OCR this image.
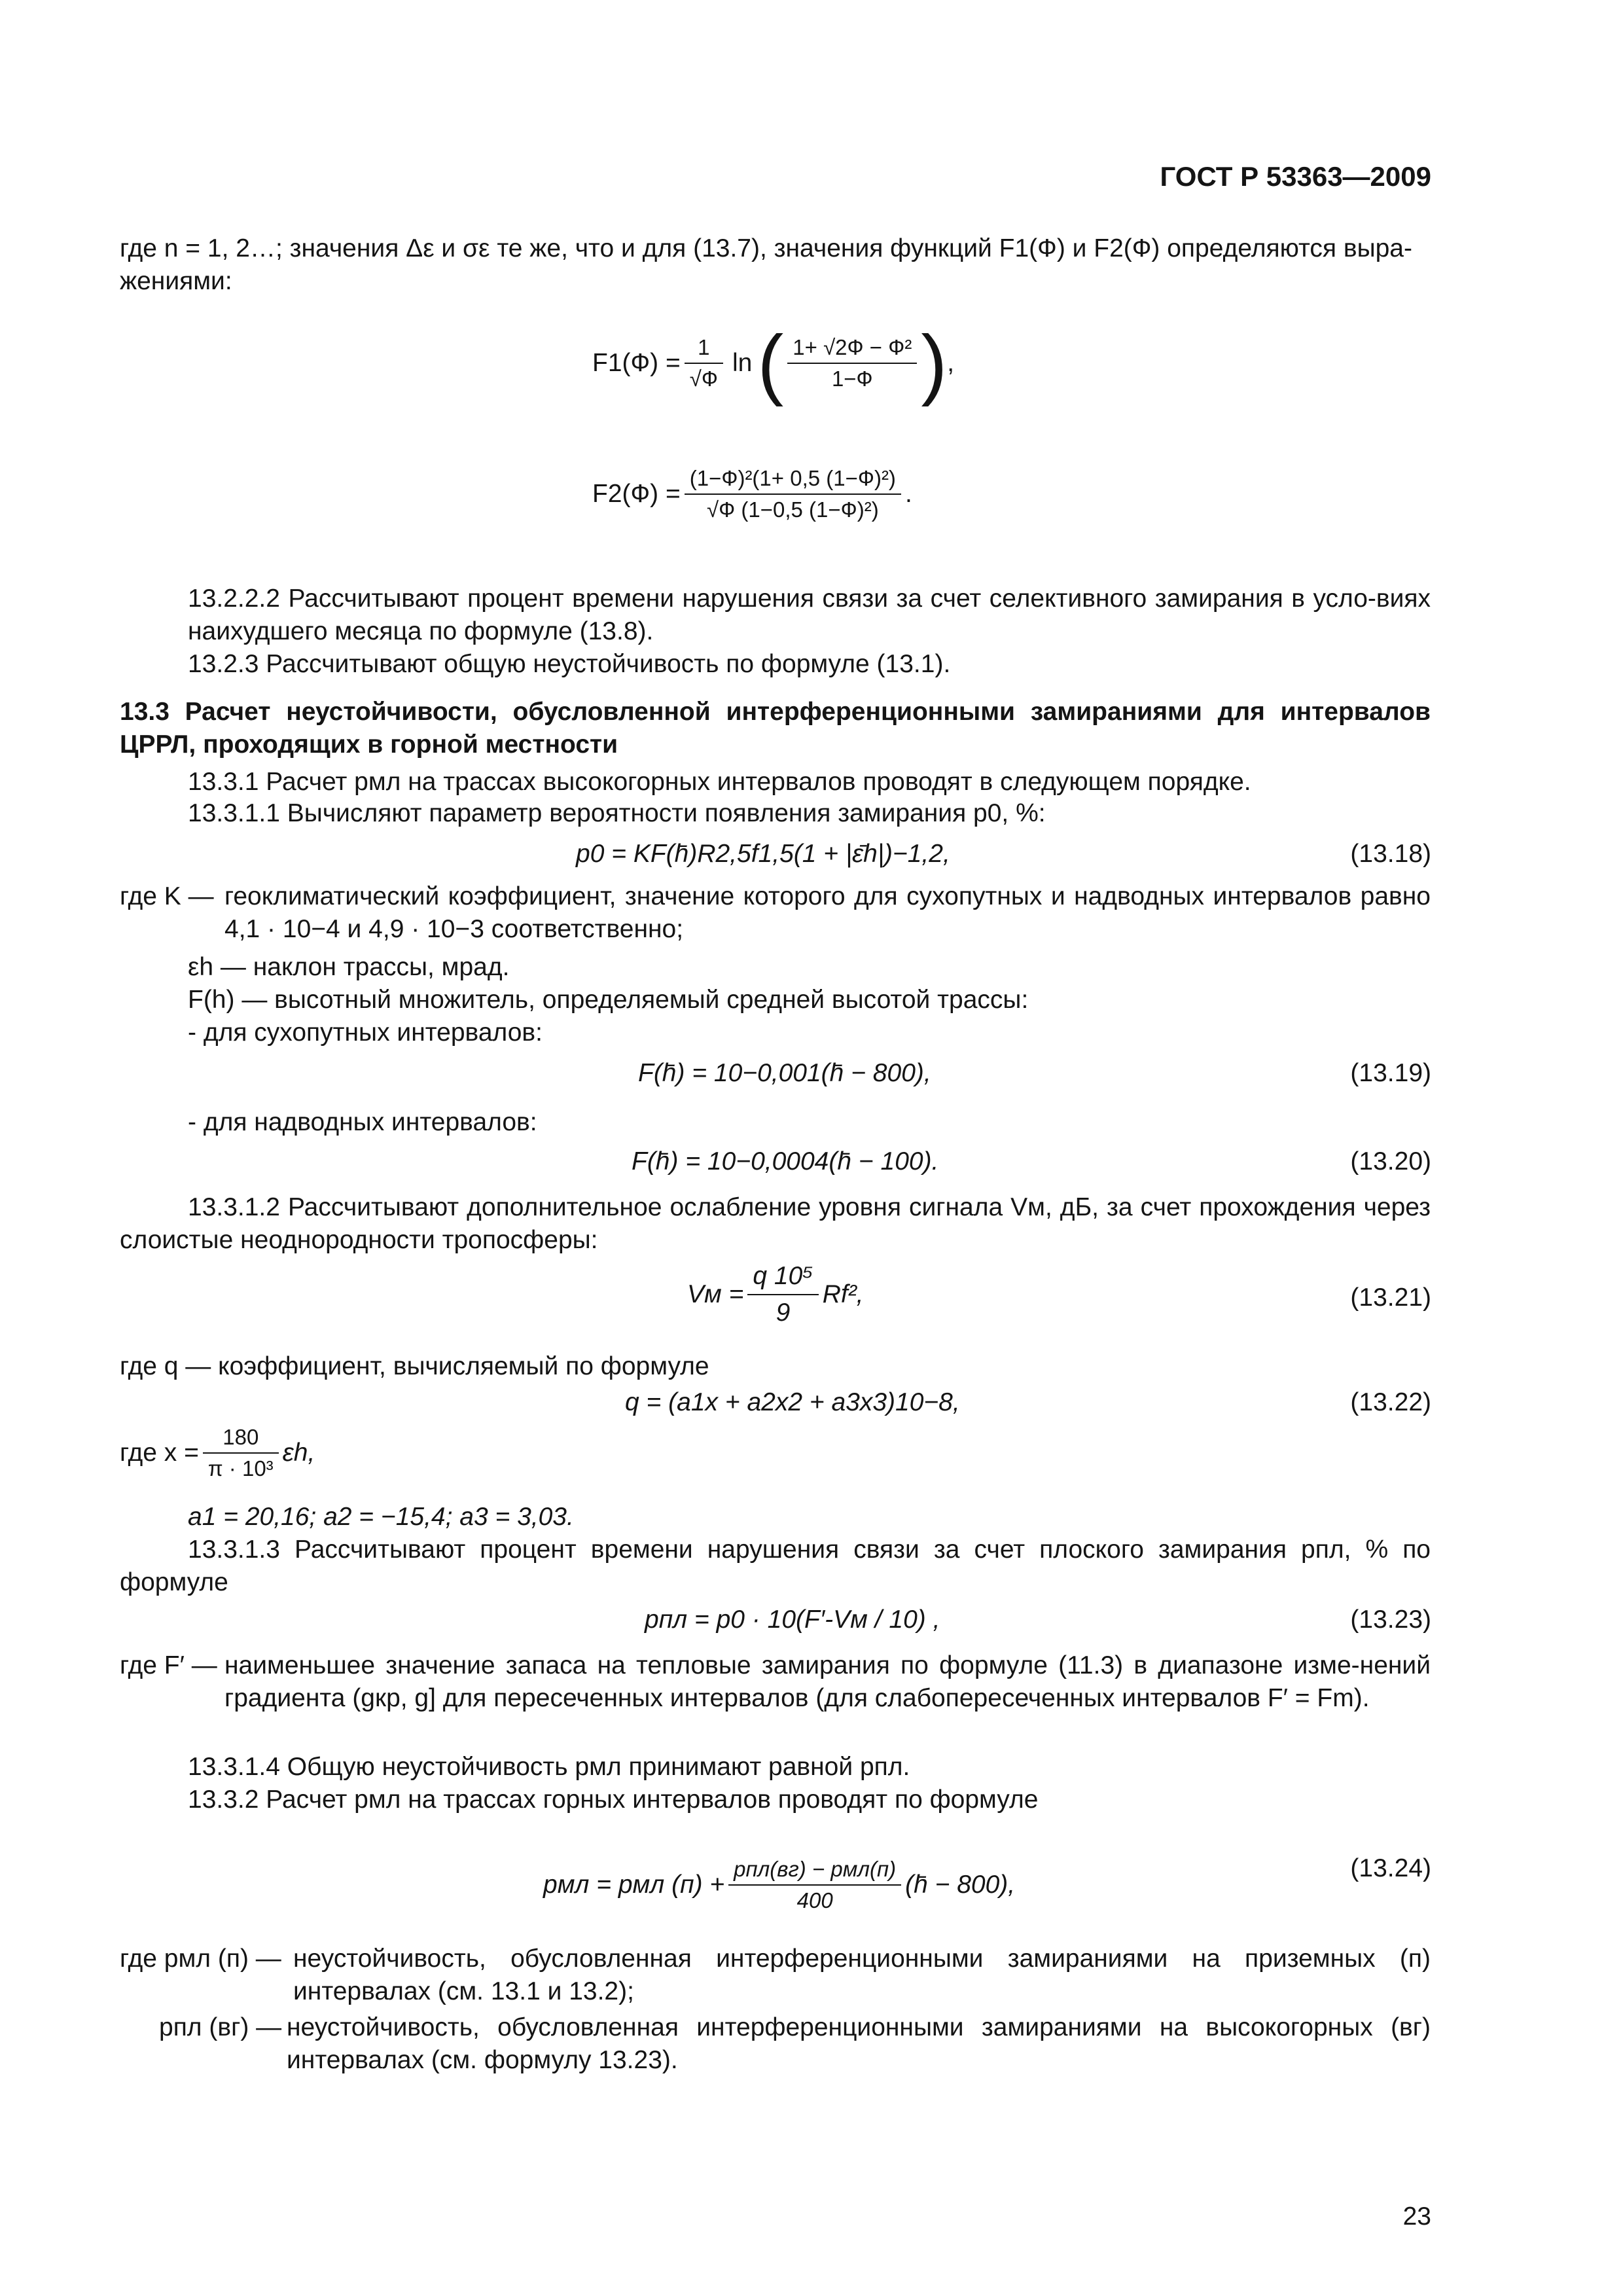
ГОСТ Р 53363—2009
где n = 1, 2…; значения Δε и σε те же, что и для (13.7), значения функций F1(Ф) и F2(Ф) определяются выра-
жениями:
$F1(Ф) = \frac{1}{√Ф}$ ln ( $\frac{\text{1+ √2Ф − Ф²}}{1-Ф}$ ) ,
$F2(Ф) = \frac{\text{(1−Ф)²(1+ 0,5 (1−Ф)²)}}{\text{√Ф (1−0,5 (1−Ф)²)}}$ .
13.2.2.2 Рассчитывают процент времени нарушения связи за счет селективного замирания в усло-виях наихудшего месяца по формуле (13.8).
13.2.3 Рассчитывают общую неустойчивость по формуле (13.1).
13.3 Расчет неустойчивости, обусловленной интерференционными замираниями для интервалов ЦРРЛ, проходящих в горной местности
13.3.1 Расчет pмл на трассах высокогорных интервалов проводят в следующем порядке.
13.3.1.1 Вычисляют параметр вероятности появления замирания p0, %:
p0 = KF(h̄)R2,5f1,5(1 + |ε̄h|)−1,2,	(13.18)
где K — геоклиматический коэффициент, значение которого для сухопутных и надводных интервалов равно 4,1 · 10−4 и 4,9 · 10−3 соответственно;
εh — наклон трассы, мрад.
F(h) — высотный множитель, определяемый средней высотой трассы:
- для сухопутных интервалов:
F(h̄) = 10−0,001(h̄ − 800),	(13.19)
- для надводных интервалов:
F(h̄) = 10−0,0004(h̄ − 100).	(13.20)
13.3.1.2 Рассчитывают дополнительное ослабление уровня сигнала Vм, дБ, за счет прохождения через слоистые неоднородности тропосферы:
Vм = $\frac{\text{q 10⁵}}{9} Rf^2$,	(13.21)
где q — коэффициент, вычисляемый по формуле
q = (a1x + a2x2 + a3x3)10−8,	(13.22)
где $x = \frac{180}{\text{π · 10³}} \varepsilon h$,
a1 = 20,16; a2 = −15,4; a3 = 3,03.
13.3.1.3 Рассчитывают процент времени нарушения связи за счет плоского замирания pпл, % по формуле
pпл = p0 · 10(F′-Vм / 10) ,	(13.23)
где F′ — наименьшее значение запаса на тепловые замирания по формуле (11.3) в диапазоне изме-нений градиента (gкр, g] для пересеченных интервалов (для слабопересеченных интервалов F′ = Fm).
13.3.1.4 Общую неустойчивость pмл принимают равной pпл.
13.3.2 Расчет pмл на трассах горных интервалов проводят по формуле
pмл = pмл $(п) + \frac{\text{pпл(вг) − pмл(п)}}{400}$ (h̄ − 800),
(13.24)
где pмл (п) — неустойчивость, обусловленная интерференционными замираниями на приземных (п) интервалах (см. 13.1 и 13.2);
pпл (вг) — неустойчивость, обусловленная интерференционными замираниями на высокогорных (вг) интервалах (см. формулу 13.23).
23
